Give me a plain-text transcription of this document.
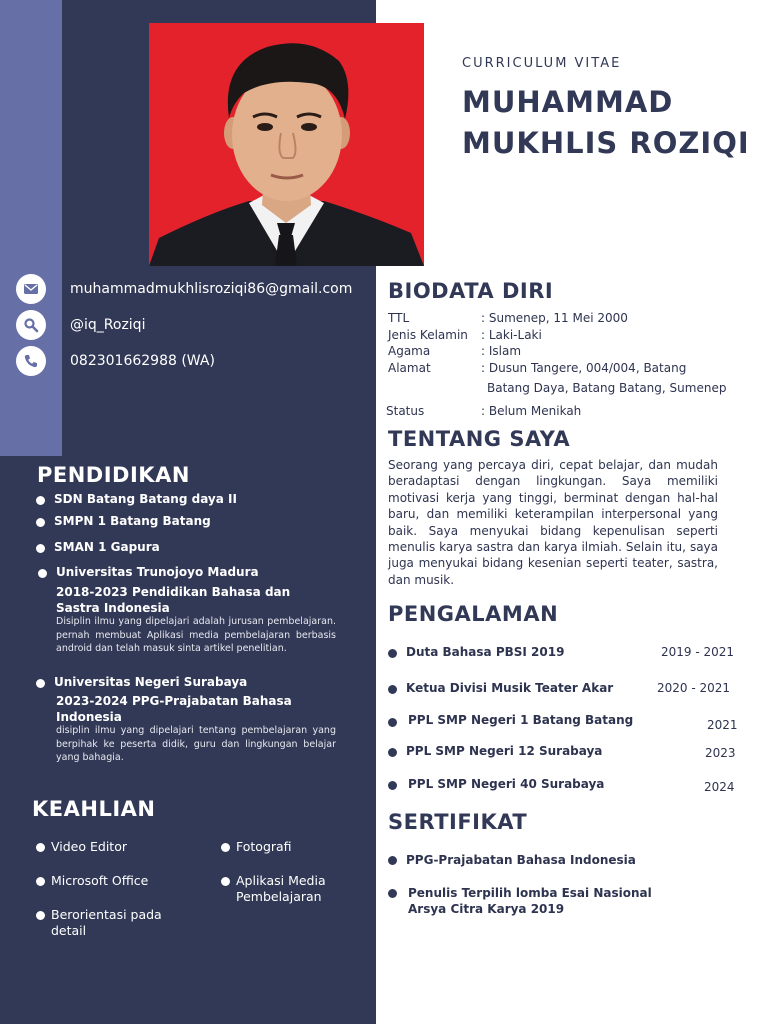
muhammadmukhlisroziqi86@gmail.com
@iq_Roziqi
082301662988 (WA)
PENDIDIKAN
SDN Batang Batang daya II
SMPN 1 Batang Batang
SMAN 1 Gapura
Universitas Trunojoyo Madura
2018-2023 Pendidikan Bahasa dan Sastra Indonesia
Disiplin ilmu yang dipelajari adalah jurusan pembelajaran. pernah membuat Aplikasi media pembelajaran berbasis android dan telah masuk sinta artikel penelitian.
Universitas Negeri Surabaya
2023-2024 PPG-Prajabatan Bahasa Indonesia
disiplin ilmu yang dipelajari tentang pembelajaran yang berpihak ke peserta didik, guru dan lingkungan belajar yang bahagia.
KEAHLIAN
Video Editor
Microsoft Office
Berorientasi pada detail
Fotografi
Aplikasi Media Pembelajaran
CURRICULUM VITAE
MUHAMMAD
MUKHLIS ROZIQI
BIODATA DIRI
TTL	: Sumenep, 11 Mei 2000
Jenis Kelamin : Laki-Laki
Agama	: Islam
Alamat	: Dusun Tangere, 004/004, Batang
Batang Daya, Batang Batang, Sumenep
Status	: Belum Menikah
TENTANG SAYA
Seorang yang percaya diri, cepat belajar, dan mudah beradaptasi dengan lingkungan. Saya memiliki motivasi kerja yang tinggi, berminat dengan hal-hal baru, dan memiliki keterampilan interpersonal yang baik. Saya menyukai bidang kepenulisan seperti menulis karya sastra dan karya ilmiah. Selain itu, saya juga menyukai bidang kesenian seperti teater, sastra, dan musik.
PENGALAMAN
Duta Bahasa PBSI 2019	2019 - 2021
Ketua Divisi Musik Teater Akar	2020 - 2021
PPL SMP Negeri 1 Batang Batang	2021
PPL SMP Negeri 12 Surabaya	2023
PPL SMP Negeri 40 Surabaya	2024
SERTIFIKAT
PPG-Prajabatan Bahasa Indonesia
Penulis Terpilih lomba Esai Nasional
Arsya Citra Karya 2019
